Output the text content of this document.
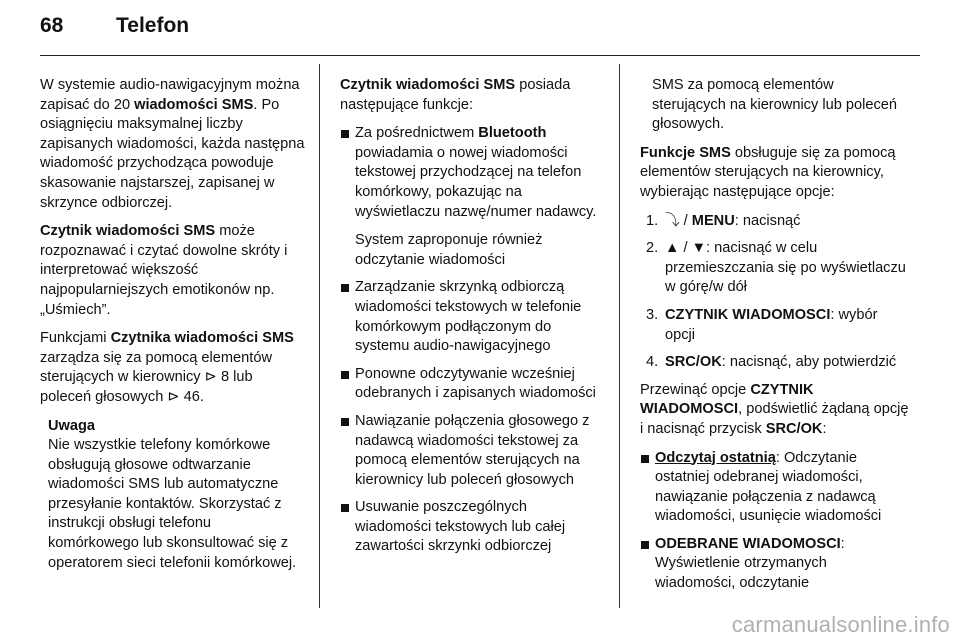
68	Telefon

W systemie audio-nawigacyjnym można zapisać do 20 wiadomości SMS. Po osiągnięciu maksymalnej liczby zapisanych wiadomości, każda następna wiadomość przychodząca powoduje skasowanie najstarszej, zapisanej w skrzynce odbiorczej.

Czytnik wiadomości SMS może rozpoznawać i czytać dowolne skróty i interpretować większość najpopularniejszych emotikonów np. „Uśmiech”.

Funkcjami Czytnika wiadomości SMS zarządza się za pomocą elementów sterujących w kierownicy ⊳ 8 lub poleceń głosowych ⊳ 46.

Uwaga
Nie wszystkie telefony komórkowe obsługują głosowe odtwarzanie wiadomości SMS lub automatyczne przesyłanie kontaktów. Skorzystać z instrukcji obsługi telefonu komórkowego lub skonsultować się z operatorem sieci telefonii komórkowej.

Czytnik wiadomości SMS posiada następujące funkcje:

Za pośrednictwem Bluetooth powiadamia o nowej wiadomości tekstowej przychodzącej na telefon komórkowy, pokazując na wyświetlaczu nazwę/numer nadawcy.
System zaproponuje również odczytanie wiadomości
Zarządzanie skrzynką odbiorczą wiadomości tekstowych w telefonie komórkowym podłączonym do systemu audio-nawigacyjnego
Ponowne odczytywanie wcześniej odebranych i zapisanych wiadomości
Nawiązanie połączenia głosowego z nadawcą wiadomości tekstowej za pomocą elementów sterujących na kierownicy lub poleceń głosowych
Usuwanie poszczególnych wiadomości tekstowych lub całej zawartości skrzynki odbiorczej

SMS za pomocą elementów sterujących na kierownicy lub poleceń głosowych.

Funkcje SMS obsługuje się za pomocą elementów sterujących na kierownicy, wybierając następujące opcje:

1. ⤵ / MENU: nacisnąć
2. ▲ / ▼: nacisnąć w celu przemieszczania się po wyświetlaczu w górę/w dół
3. CZYTNIK WIADOMOSCI: wybór opcji
4. SRC/OK: nacisnąć, aby potwierdzić

Przewinąć opcje CZYTNIK WIADOMOSCI, podświetlić żądaną opcję i nacisnąć przycisk SRC/OK:

Odczytaj ostatnią: Odczytanie ostatniej odebranej wiadomości, nawiązanie połączenia z nadawcą wiadomości, usunięcie wiadomości
ODEBRANE WIADOMOSCI: Wyświetlenie otrzymanych wiadomości, odczytanie
carmanualsonline.info
